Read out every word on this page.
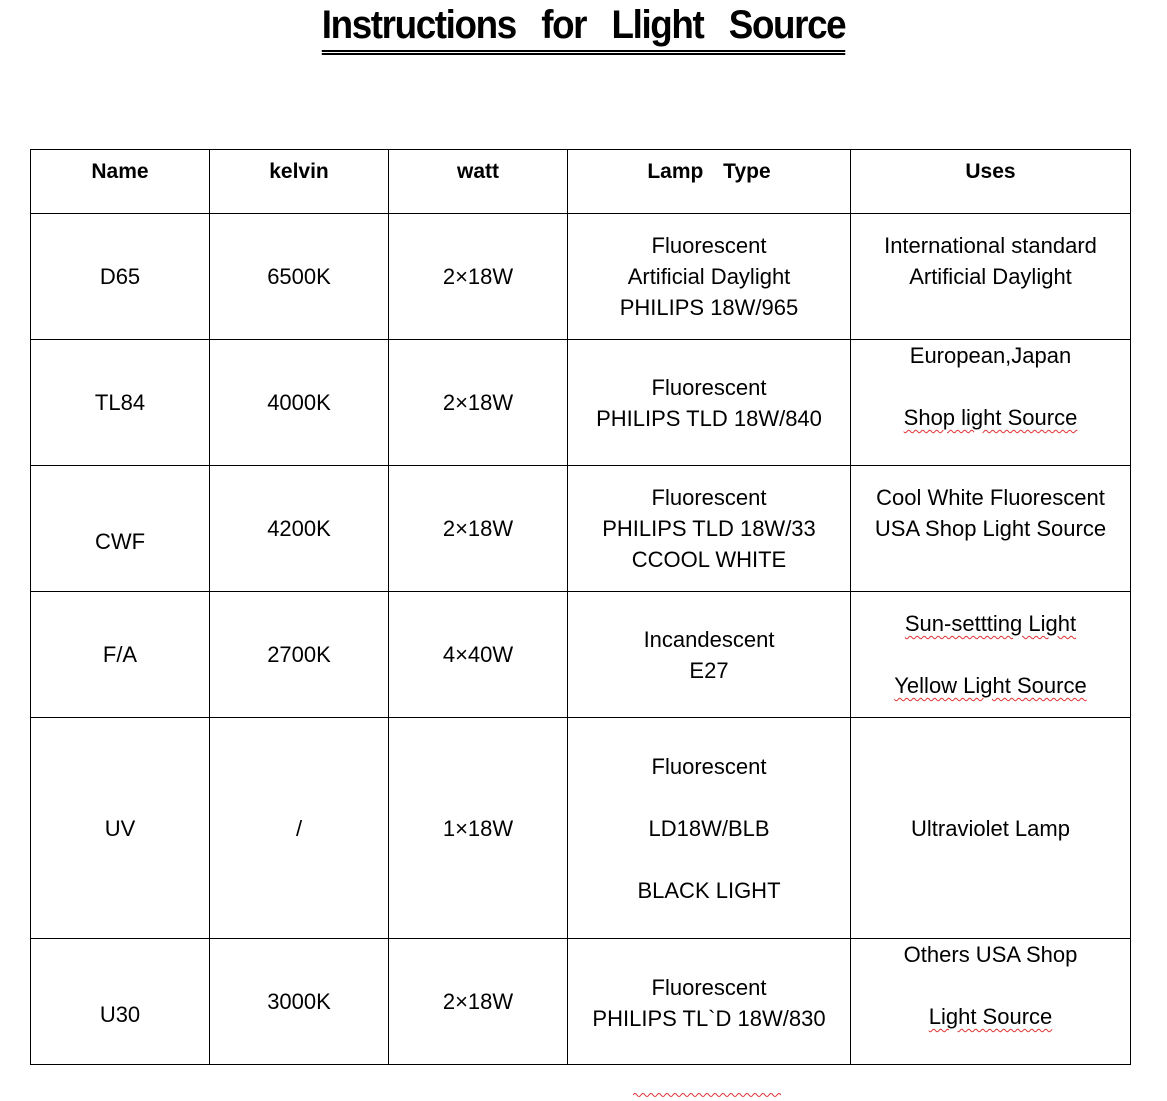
Instructions for Llight Source
Name	kelvin	watt	Lamp Type	Uses
D65	6500K	2×18W	Fluorescent
Artificial Daylight
PHILIPS 18W/965	International standard
Artificial Daylight

TL84	4000K	2×18W	Fluorescent
PHILIPS TLD 18W/840	European,Japan
Shop light Source

CWF	4200K	2×18W	Fluorescent
PHILIPS TLD 18W/33
CCOOL WHITE	Cool White Fluorescent
USA Shop Light Source

F/A	2700K	4×40W	Incandescent
E27	Sun-settting Light
Yellow Light Source

UV	/	1×18W	Fluorescent
LD18W/BLB
BLACK LIGHT	Ultraviolet Lamp

U30	3000K	2×18W	Fluorescent
PHILIPS TL`D 18W/830	Others USA Shop
Light Source
